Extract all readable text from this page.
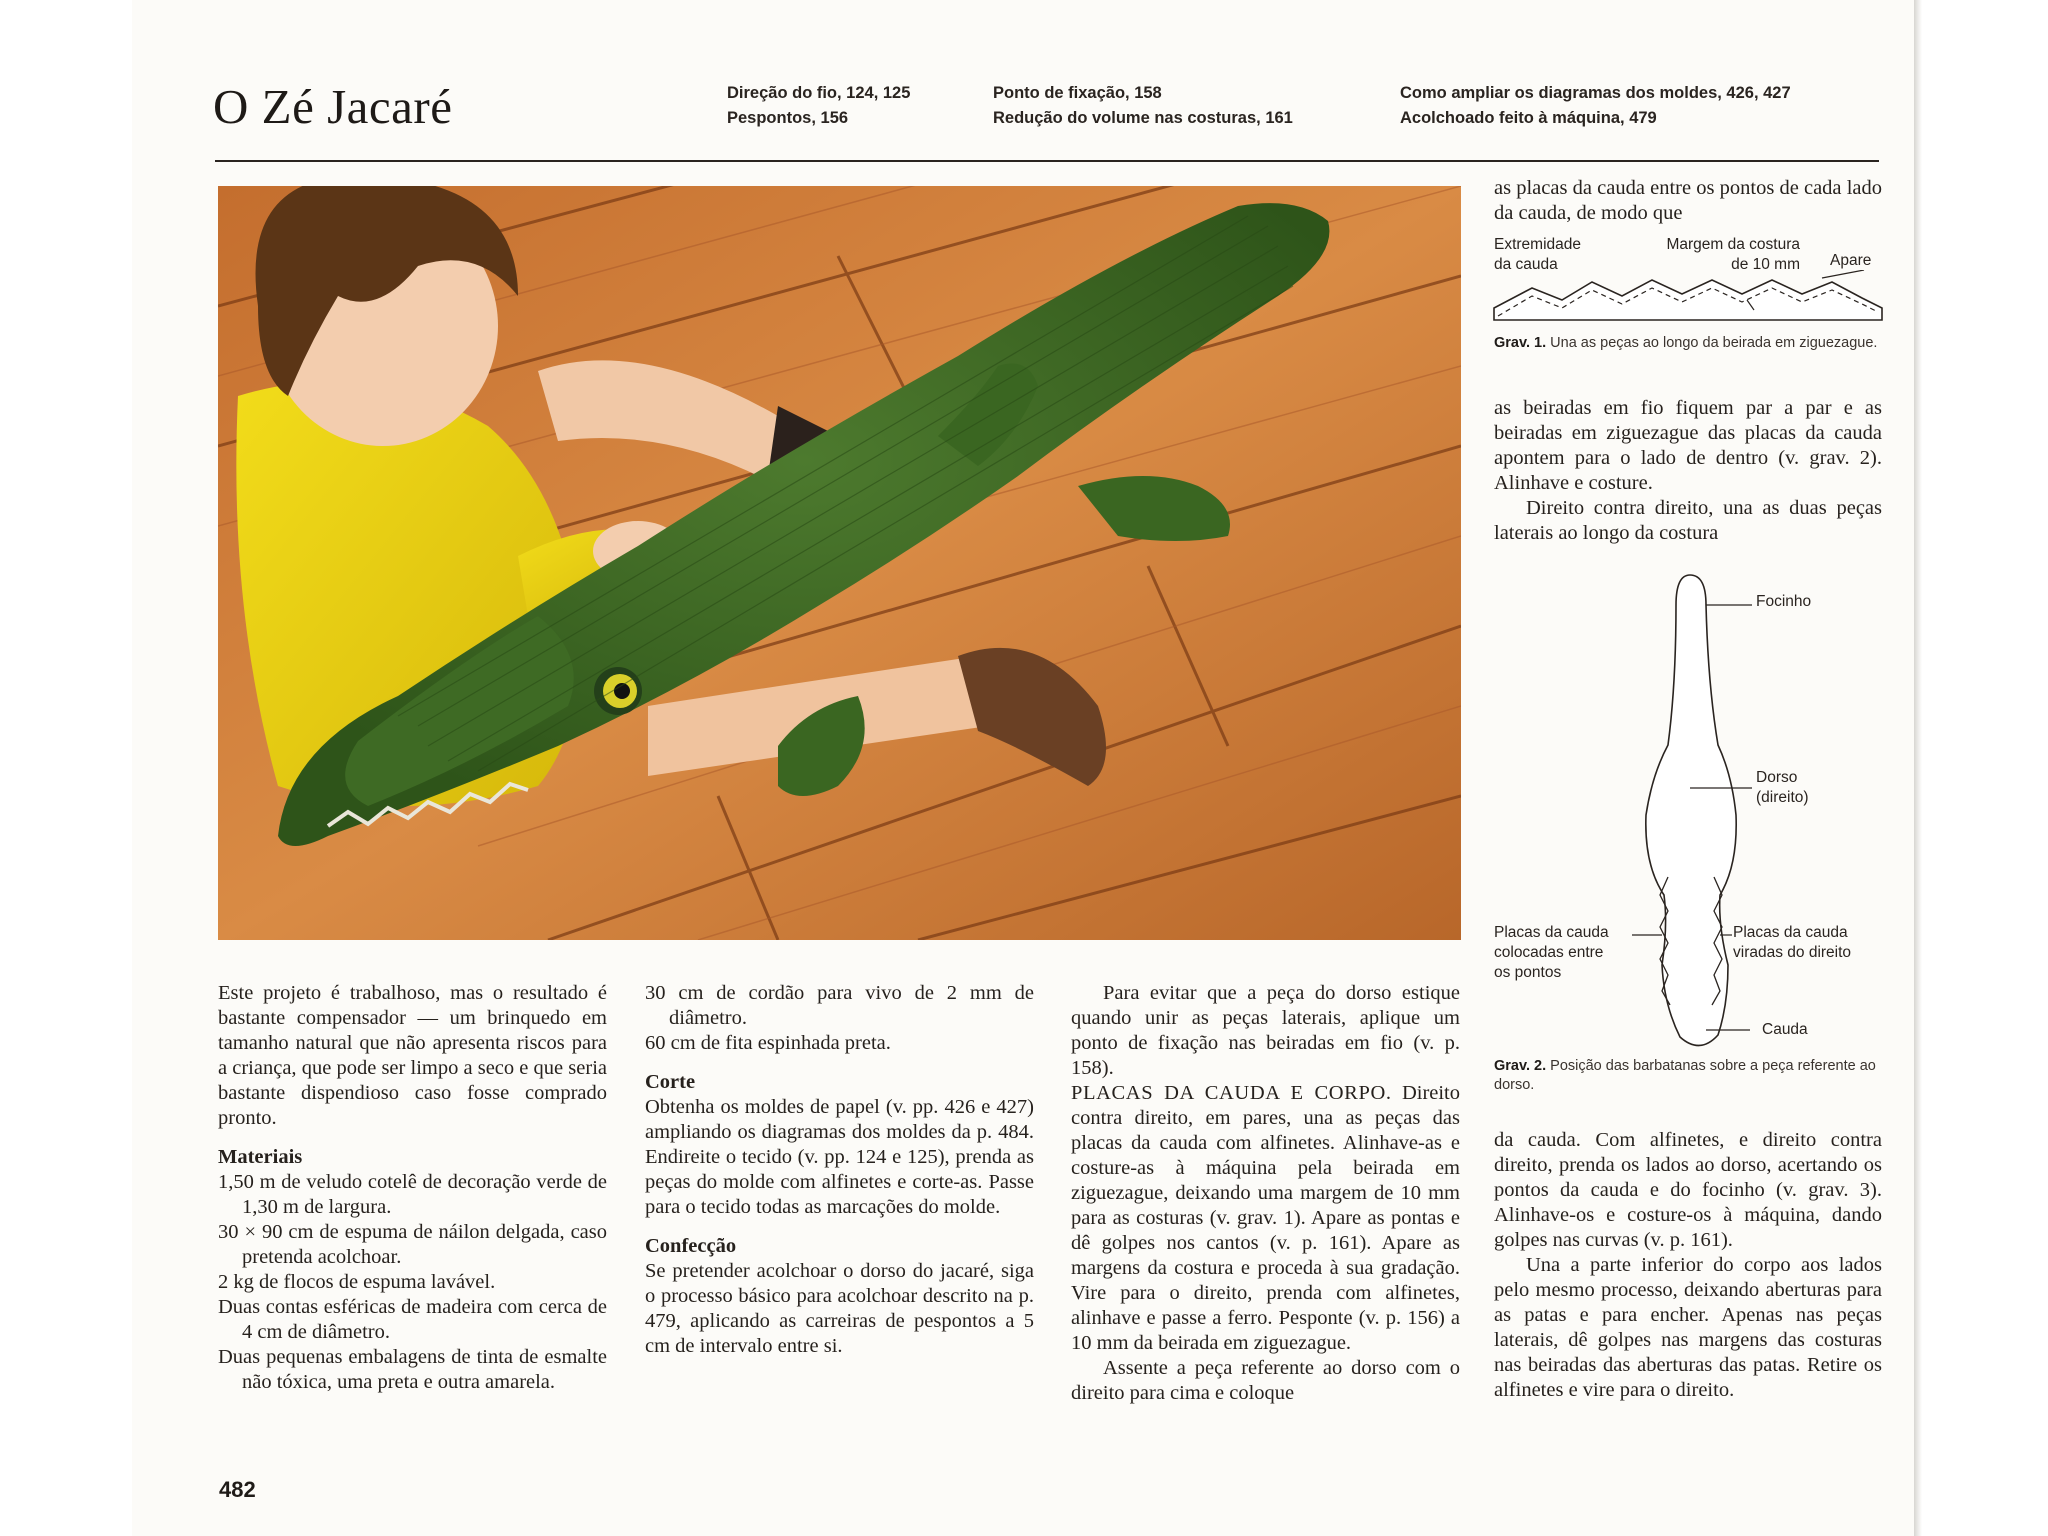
O Zé Jacaré	Direção do fio, 124, 125
Pespontos, 156
Ponto de fixação, 158
Redução do volume nas costuras, 161
Como ampliar os diagramas dos moldes, 426, 427
Acolchoado feito à máquina, 479

Este projeto é trabalhoso, mas o resultado é bastante compensador — um brinquedo em tamanho natural que não apresenta riscos para a criança, que pode ser limpo a seco e que seria bastante dispendioso caso fosse comprado pronto.

Materiais

1,50 m de veludo cotelê de decoração verde de 1,30 m de largura.

30 × 90 cm de espuma de náilon delgada, caso pretenda acolchoar.

2 kg de flocos de espuma lavável.

Duas contas esféricas de madeira com cerca de 4 cm de diâmetro.

Duas pequenas embalagens de tinta de esmalte não tóxica, uma preta e outra amarela.

30 cm de cordão para vivo de 2 mm de diâmetro.

60 cm de fita espinhada preta.

Corte

Obtenha os moldes de papel (v. pp. 426 e 427) ampliando os diagramas dos moldes da p. 484. Endireite o tecido (v. pp. 124 e 125), prenda as peças do molde com alfinetes e corte-as. Passe para o tecido todas as marcações do molde.

Confecção

Se pretender acolchoar o dorso do jacaré, siga o processo básico para acolchoar descrito na p. 479, aplicando as carreiras de pespontos a 5 cm de intervalo entre si.

Para evitar que a peça do dorso estique quando unir as peças laterais, aplique um ponto de fixação nas beiradas em fio (v. p. 158).

PLACAS DA CAUDA E CORPO. Direito contra direito, em pares, una as peças das placas da cauda com alfinetes. Alinhave-as e costure-as à máquina pela beirada em ziguezague, deixando uma margem de 10 mm para as costuras (v. grav. 1). Apare as pontas e dê golpes nos cantos (v. p. 161). Apare as margens da costura e proceda à sua gradação. Vire para o direito, prenda com alfinetes, alinhave e passe a ferro. Pesponte (v. p. 156) a 10 mm da beirada em ziguezague.

Assente a peça referente ao dorso com o direito para cima e coloque

as placas da cauda entre os pontos de cada lado da cauda, de modo que

Extremidade
da cauda
Margem da costura
de 10 mm Apare
Grav. 1. Una as peças ao longo da beirada em ziguezague.

as beiradas em fio fiquem par a par e as beiradas em ziguezague das placas da cauda apontem para o lado de dentro (v. grav. 2). Alinhave e costure.

Direito contra direito, una as duas peças laterais ao longo da costura

Focinho
Dorso
(direito)
Placas da cauda
colocadas entre
os pontos
Placas da cauda
viradas do direito
Cauda
Grav. 2. Posição das barbatanas sobre a peça referente ao dorso.

da cauda. Com alfinetes, e direito contra direito, prenda os lados ao dorso, acertando os pontos da cauda e do focinho (v. grav. 3). Alinhave-os e costure-os à máquina, dando golpes nas curvas (v. p. 161).

Una a parte inferior do corpo aos lados pelo mesmo processo, deixando aberturas para as patas e para encher. Apenas nas peças laterais, dê golpes nas margens das costuras nas beiradas das aberturas das patas. Retire os alfinetes e vire para o direito.

482
